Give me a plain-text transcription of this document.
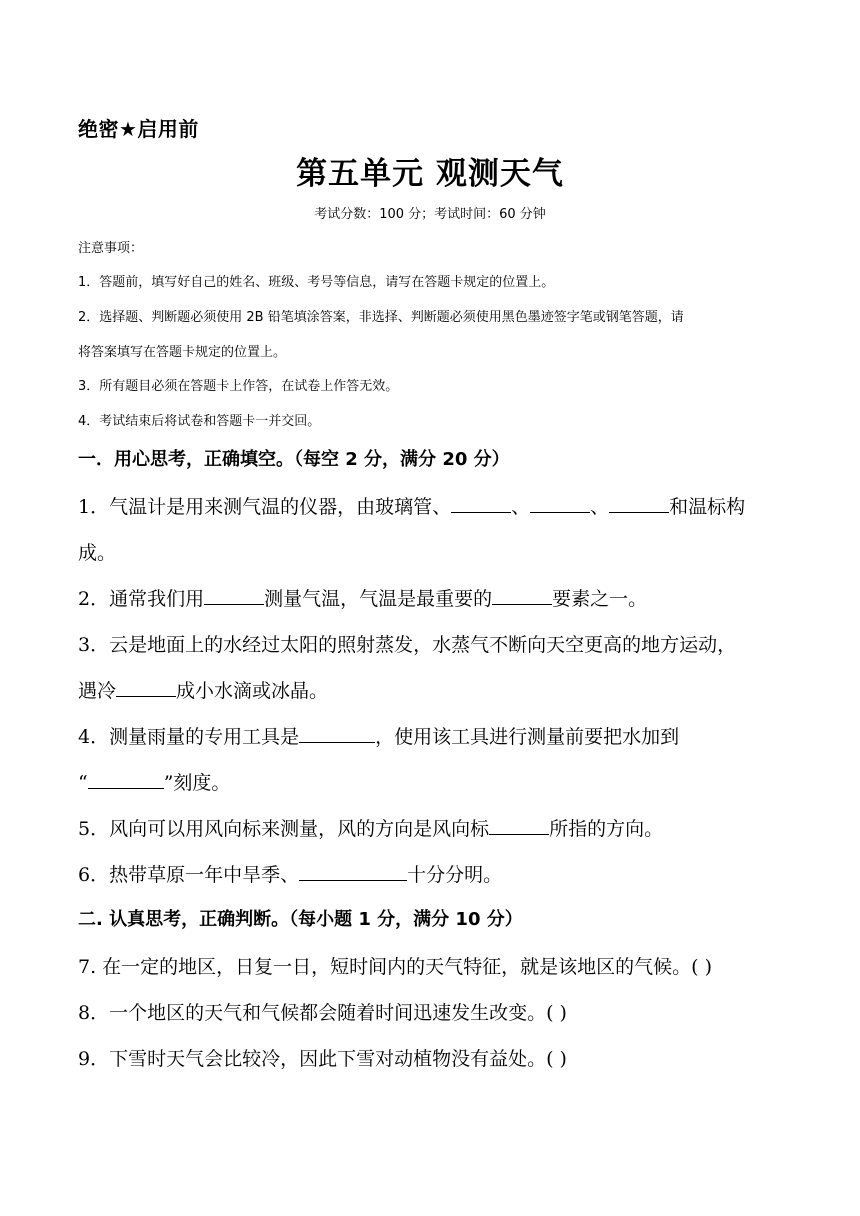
绝密★启用前
第五单元 观测天气
考试分数：100 分；考试时间：60 分钟
注意事项：
1．答题前，填写好自己的姓名、班级、考号等信息，请写在答题卡规定的位置上。
2．选择题、判断题必须使用 2B 铅笔填涂答案，非选择、判断题必须使用黑色墨迹签字笔或钢笔答题，请
将答案填写在答题卡规定的位置上。
3．所有题目必须在答题卡上作答，在试卷上作答无效。
4．考试结束后将试卷和答题卡一并交回。
一．用心思考，正确填空。（每空 2 分，满分 20 分）
1．气温计是用来测气温的仪器，由玻璃管、	、	、	和温标构
成。
2．通常我们用	测量气温，气温是最重要的	要素之一。
3．云是地面上的水经过太阳的照射蒸发，水蒸气不断向天空更高的地方运动，
遇冷	成小水滴或冰晶。
4．测量雨量的专用工具是	，使用该工具进行测量前要把水加到
“	”刻度。
5．风向可以用风向标来测量，风的方向是风向标	所指的方向。
6．热带草原一年中旱季、	十分分明。
二. 认真思考，正确判断。（每小题 1 分，满分 10 分）
7. 在一定的地区，日复一日，短时间内的天气特征，就是该地区的气候。( )
8．一个地区的天气和气候都会随着时间迅速发生改变。( )
9．下雪时天气会比较冷，因此下雪对动植物没有益处。( )
